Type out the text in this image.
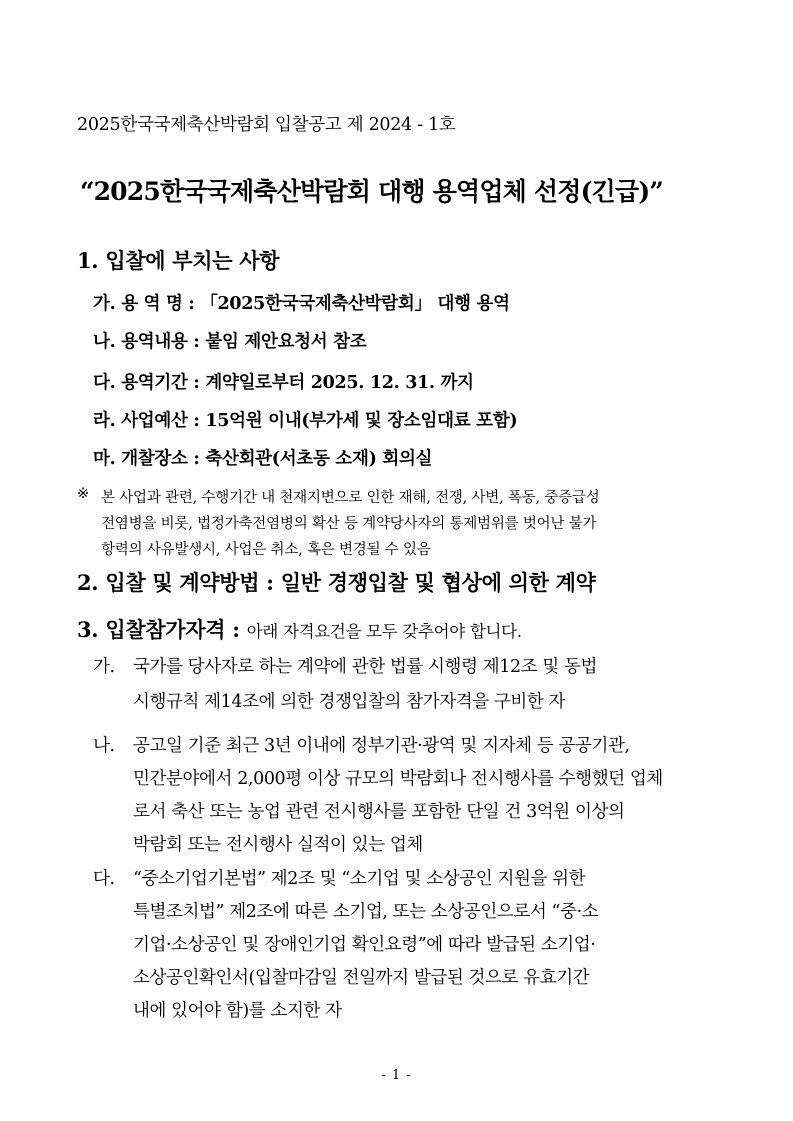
2025한국국제축산박람회 입찰공고 제 2024 - 1호
“2025한국국제축산박람회 대행 용역업체 선정(긴급)”
1. 입찰에 부치는 사항
가. 용 역 명 : 「2025한국국제축산박람회」 대행 용역
나. 용역내용 : 붙임 제안요청서 참조
다. 용역기간 : 계약일로부터 2025. 12. 31. 까지
라. 사업예산 : 15억원 이내(부가세 및 장소임대료 포함)
마. 개찰장소 : 축산회관(서초동 소재) 회의실
※ 본 사업과 관련, 수행기간 내 천재지변으로 인한 재해, 전쟁, 사변, 폭동, 중증급성
전염병을 비롯, 법정가축전염병의 확산 등 계약당사자의 통제범위를 벗어난 불가
항력의 사유발생시, 사업은 취소, 혹은 변경될 수 있음
2. 입찰 및 계약방법 : 일반 경쟁입찰 및 협상에 의한 계약
3. 입찰참가자격 : 아래 자격요건을 모두 갖추어야 합니다.
가. 국가를 당사자로 하는 계약에 관한 법률 시행령 제12조 및 동법
시행규칙 제14조에 의한 경쟁입찰의 참가자격을 구비한 자
나. 공고일 기준 최근 3년 이내에 정부기관·광역 및 지자체 등 공공기관,
민간분야에서 2,000평 이상 규모의 박람회나 전시행사를 수행했던 업체
로서 축산 또는 농업 관련 전시행사를 포함한 단일 건 3억원 이상의
박람회 또는 전시행사 실적이 있는 업체
다. “중소기업기본법” 제2조 및 “소기업 및 소상공인 지원을 위한
특별조치법” 제2조에 따른 소기업, 또는 소상공인으로서 “중·소
기업·소상공인 및 장애인기업 확인요령”에 따라 발급된 소기업·
소상공인확인서(입찰마감일 전일까지 발급된 것으로 유효기간
내에 있어야 함)를 소지한 자
- 1 -
